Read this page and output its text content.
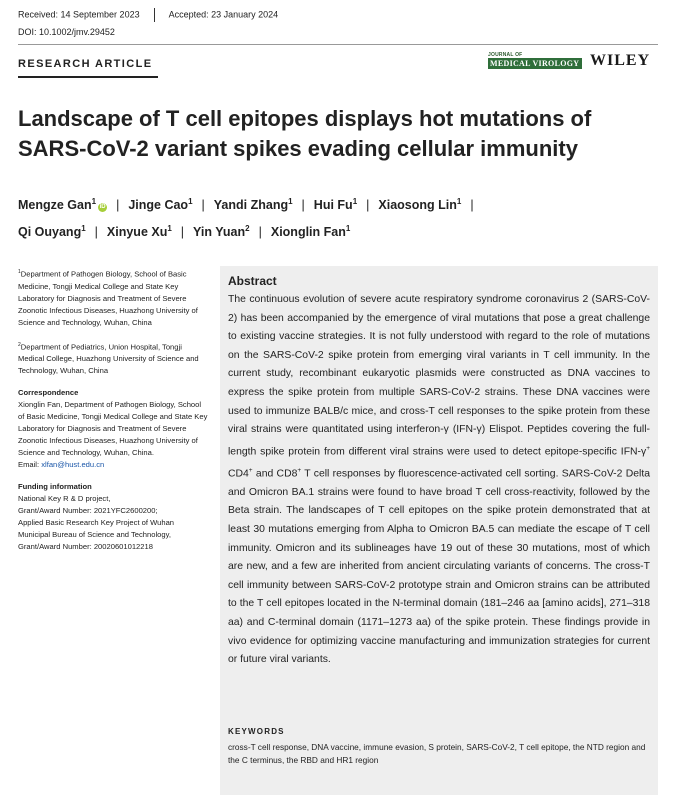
Received: 14 September 2023	Accepted: 23 January 2024
DOI: 10.1002/jmv.29452
RESEARCH ARTICLE
JOURNAL OF
MEDICAL VIROLOGY WILEY
Landscape of T cell epitopes displays hot mutations of SARS-CoV-2 variant spikes evading cellular immunity
Mengze Gan$^1$iD | Jinge Cao$^1$ | Yandi Zhang$^1$ | Hui Fu$^1$ | Xiaosong Lin$^1$ |
Qi Ouyang$^1$ | Xinyue Xu$^1$ | Yin Yuan$^2$ | Xionglin Fan$^1$

$^1$Department of Pathogen Biology, School of Basic Medicine, Tongji Medical College and State Key Laboratory for Diagnosis and Treatment of Severe Zoonotic Infectious Diseases, Huazhong University of Science and Technology, Wuhan, China

$^2$Department of Pediatrics, Union Hospital, Tongji Medical College, Huazhong University of Science and Technology, Wuhan, China

Correspondence

Xionglin Fan, Department of Pathogen Biology, School of Basic Medicine, Tongji Medical College and State Key Laboratory for Diagnosis and Treatment of Severe Zoonotic Infectious Diseases, Huazhong University of Science and Technology, Wuhan, China.
Email: xlfan@hust.edu.cn

Funding information

National Key R & D project,
Grant/Award Number: 2021YFC2600200;
Applied Basic Research Key Project of Wuhan
Municipal Bureau of Science and Technology,
Grant/Award Number: 20020601012218

Abstract
The continuous evolution of severe acute respiratory syndrome coronavirus 2 (SARS-CoV-2) has been accompanied by the emergence of viral mutations that pose a great challenge to existing vaccine strategies. It is not fully understood with regard to the role of mutations on the SARS-CoV-2 spike protein from emerging viral variants in T cell immunity. In the current study, recombinant eukaryotic plasmids were constructed as DNA vaccines to express the spike protein from multiple SARS-CoV-2 strains. These DNA vaccines were used to immunize BALB/c mice, and cross-T cell responses to the spike protein from these viral strains were quantitated using interferon-γ (IFN-γ) Elispot. Peptides covering the full-length spike protein from different viral strains were used to detect epitope-specific IFN-γ+ CD4+ and CD8+ T cell responses by fluorescence-activated cell sorting. SARS-CoV-2 Delta and Omicron BA.1 strains were found to have broad T cell cross-reactivity, followed by the Beta strain. The landscapes of T cell epitopes on the spike protein demonstrated that at least 30 mutations emerging from Alpha to Omicron BA.5 can mediate the escape of T cell immunity. Omicron and its sublineages have 19 out of these 30 mutations, most of which are new, and a few are inherited from ancient circulating variants of concerns. The cross-T cell immunity between SARS-CoV-2 prototype strain and Omicron strains can be attributed to the T cell epitopes located in the N-terminal domain (181–246 aa [amino acids], 271–318 aa) and C-terminal domain (1171–1273 aa) of the spike protein. These findings provide in vivo evidence for optimizing vaccine manufacturing and immunization strategies for current or future viral variants.
KEYWORDS
cross-T cell response, DNA vaccine, immune evasion, S protein, SARS-CoV-2, T cell epitope, the NTD region and the C terminus, the RBD and HR1 region
